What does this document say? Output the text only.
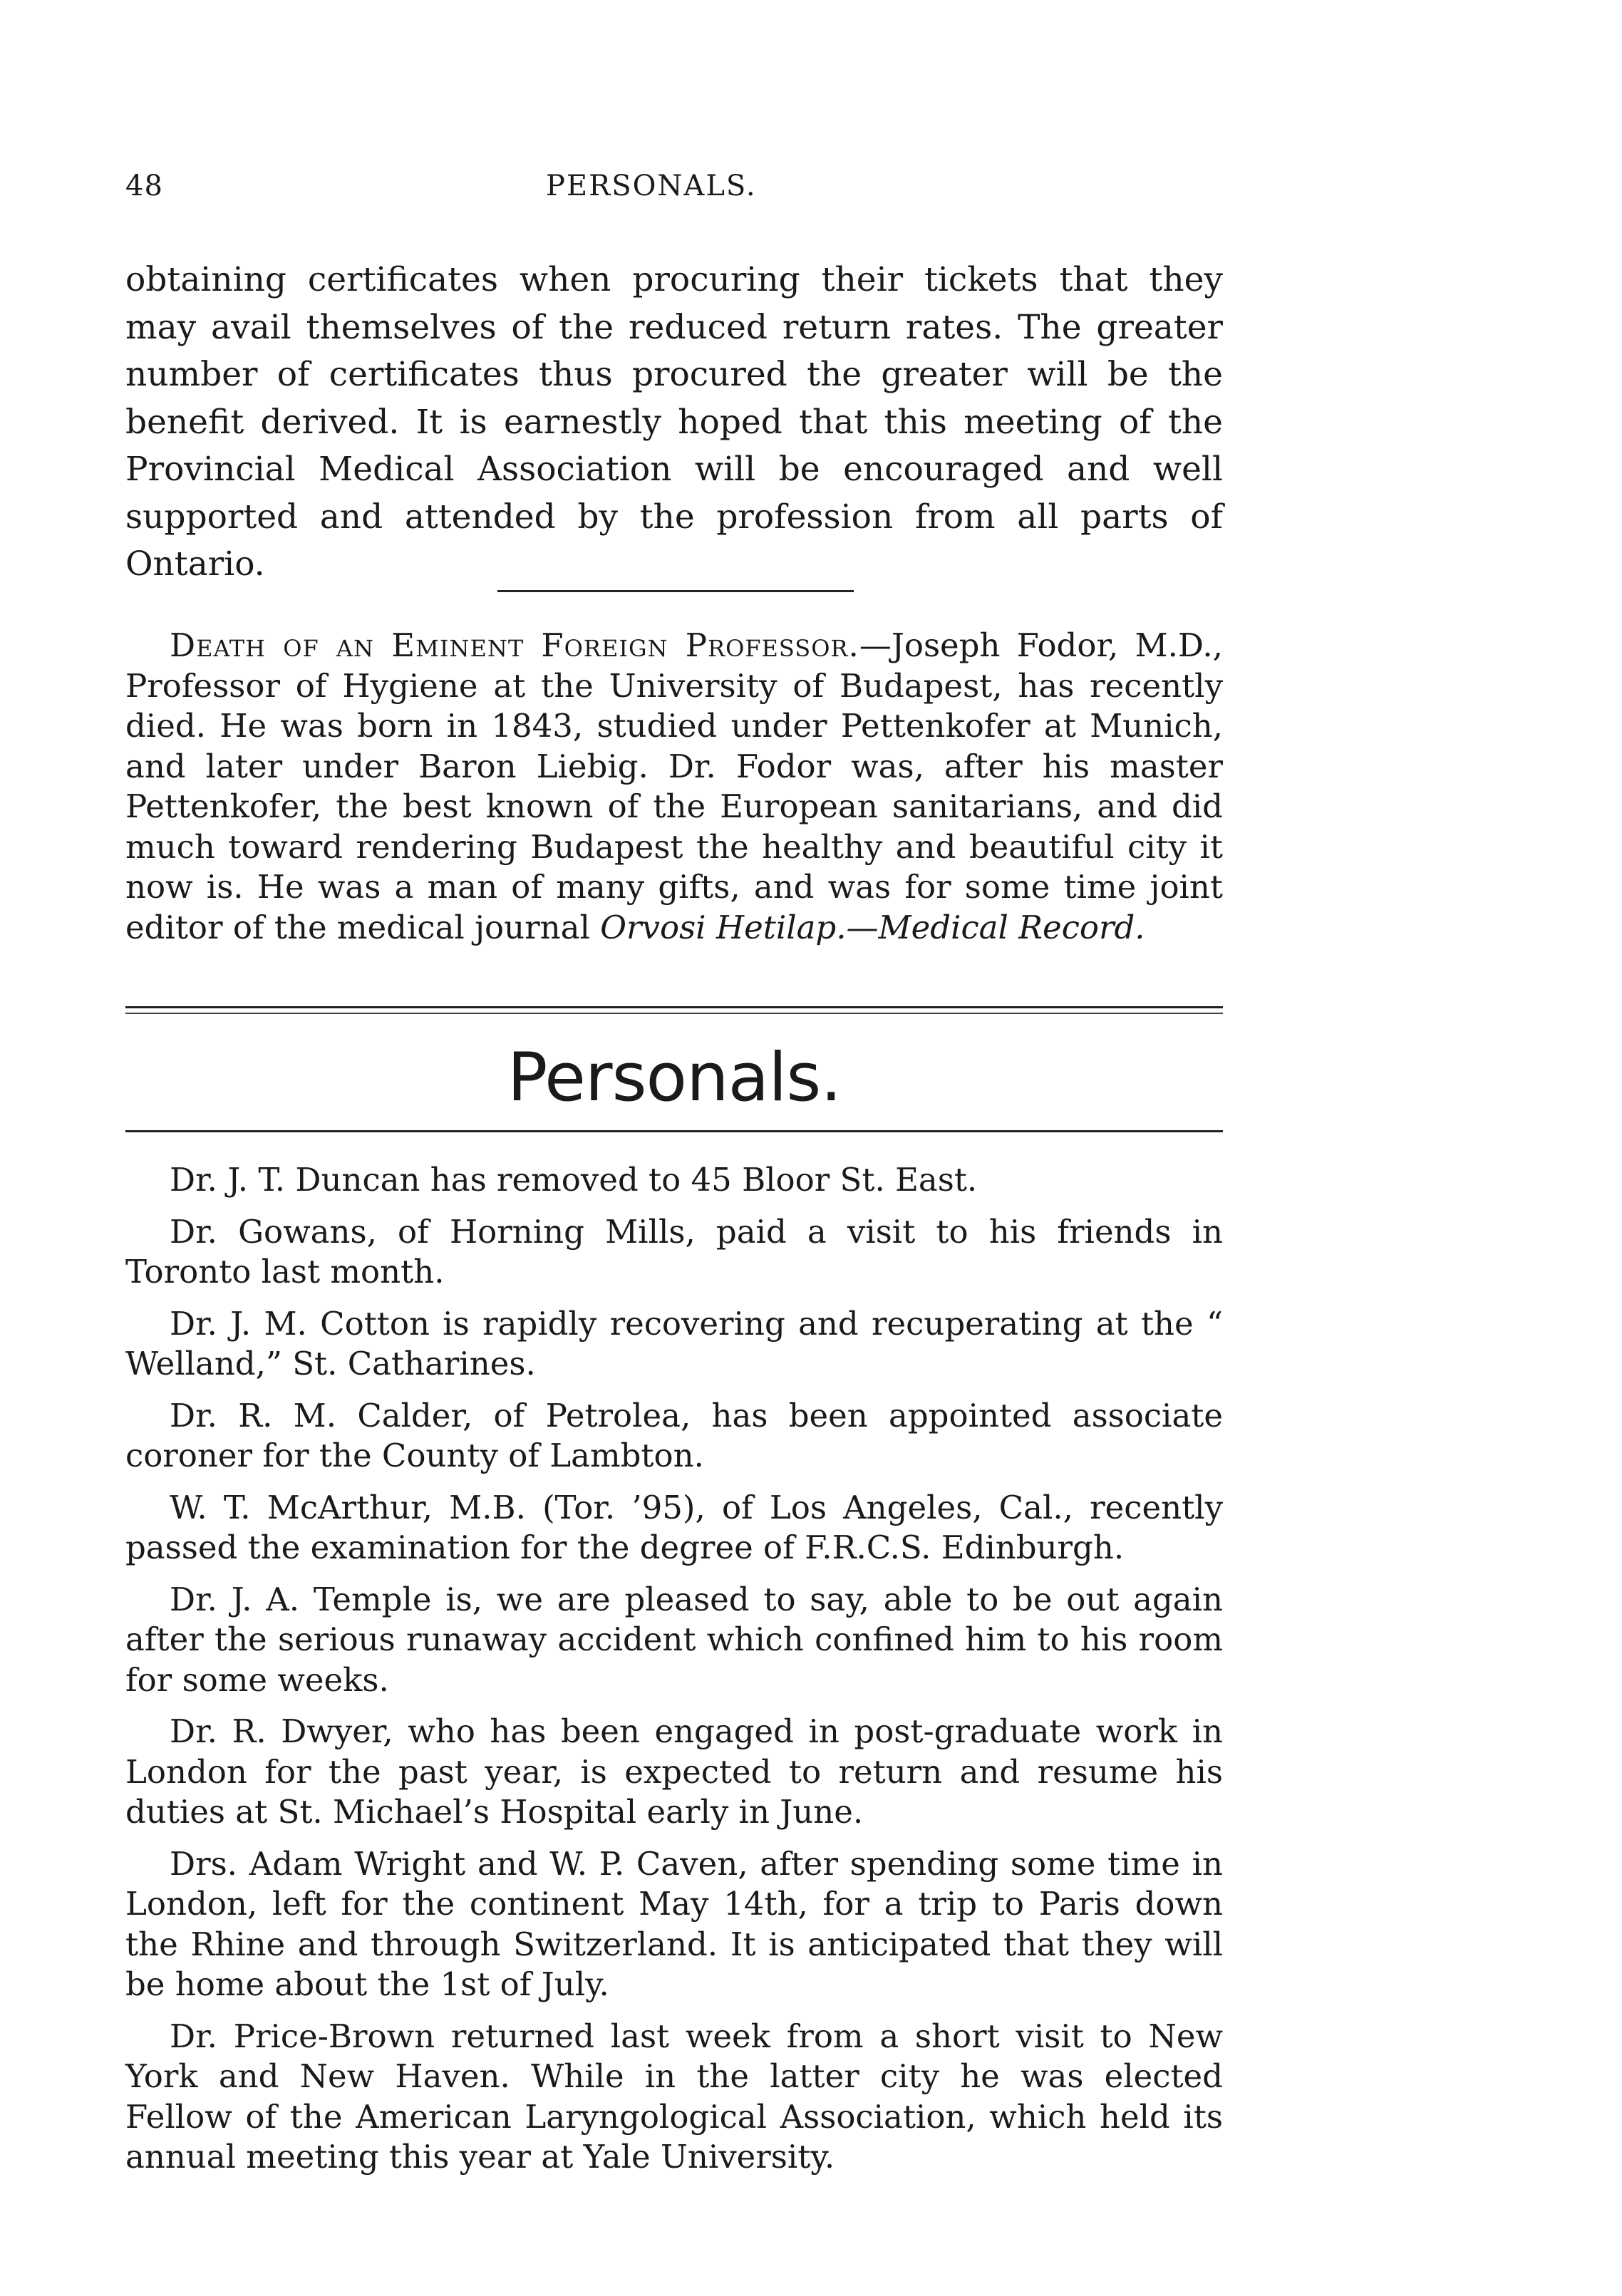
48	PERSONALS.

obtaining certificates when procuring their tickets that they may avail themselves of the reduced return rates. The greater number of certificates thus procured the greater will be the benefit derived. It is earnestly hoped that this meeting of the Provincial Medical Association will be encouraged and well supported and attended by the profession from all parts of Ontario.

Death of an Eminent Foreign Professor.—Joseph Fodor, M.D., Professor of Hygiene at the University of Budapest, has recently died. He was born in 1843, studied under Pettenkofer at Munich, and later under Baron Liebig. Dr. Fodor was, after his master Pettenkofer, the best known of the European sanitarians, and did much toward rendering Budapest the healthy and beautiful city it now is. He was a man of many gifts, and was for some time joint editor of the medical journal Orvosi Hetilap.—Medical Record.

Personals.

Dr. J. T. Duncan has removed to 45 Bloor St. East.

Dr. Gowans, of Horning Mills, paid a visit to his friends in Toronto last month.

Dr. J. M. Cotton is rapidly recovering and recuperating at the “ Welland,” St. Catharines.

Dr. R. M. Calder, of Petrolea, has been appointed associate coroner for the County of Lambton.

W. T. McArthur, M.B. (Tor. ’95), of Los Angeles, Cal., recently passed the examination for the degree of F.R.C.S. Edinburgh.

Dr. J. A. Temple is, we are pleased to say, able to be out again after the serious runaway accident which confined him to his room for some weeks.

Dr. R. Dwyer, who has been engaged in post-graduate work in London for the past year, is expected to return and resume his duties at St. Michael’s Hospital early in June.

Drs. Adam Wright and W. P. Caven, after spending some time in London, left for the continent May 14th, for a trip to Paris down the Rhine and through Switzerland. It is anticipated that they will be home about the 1st of July.

Dr. Price-Brown returned last week from a short visit to New York and New Haven. While in the latter city he was elected Fellow of the American Laryngological Association, which held its annual meeting this year at Yale University.
